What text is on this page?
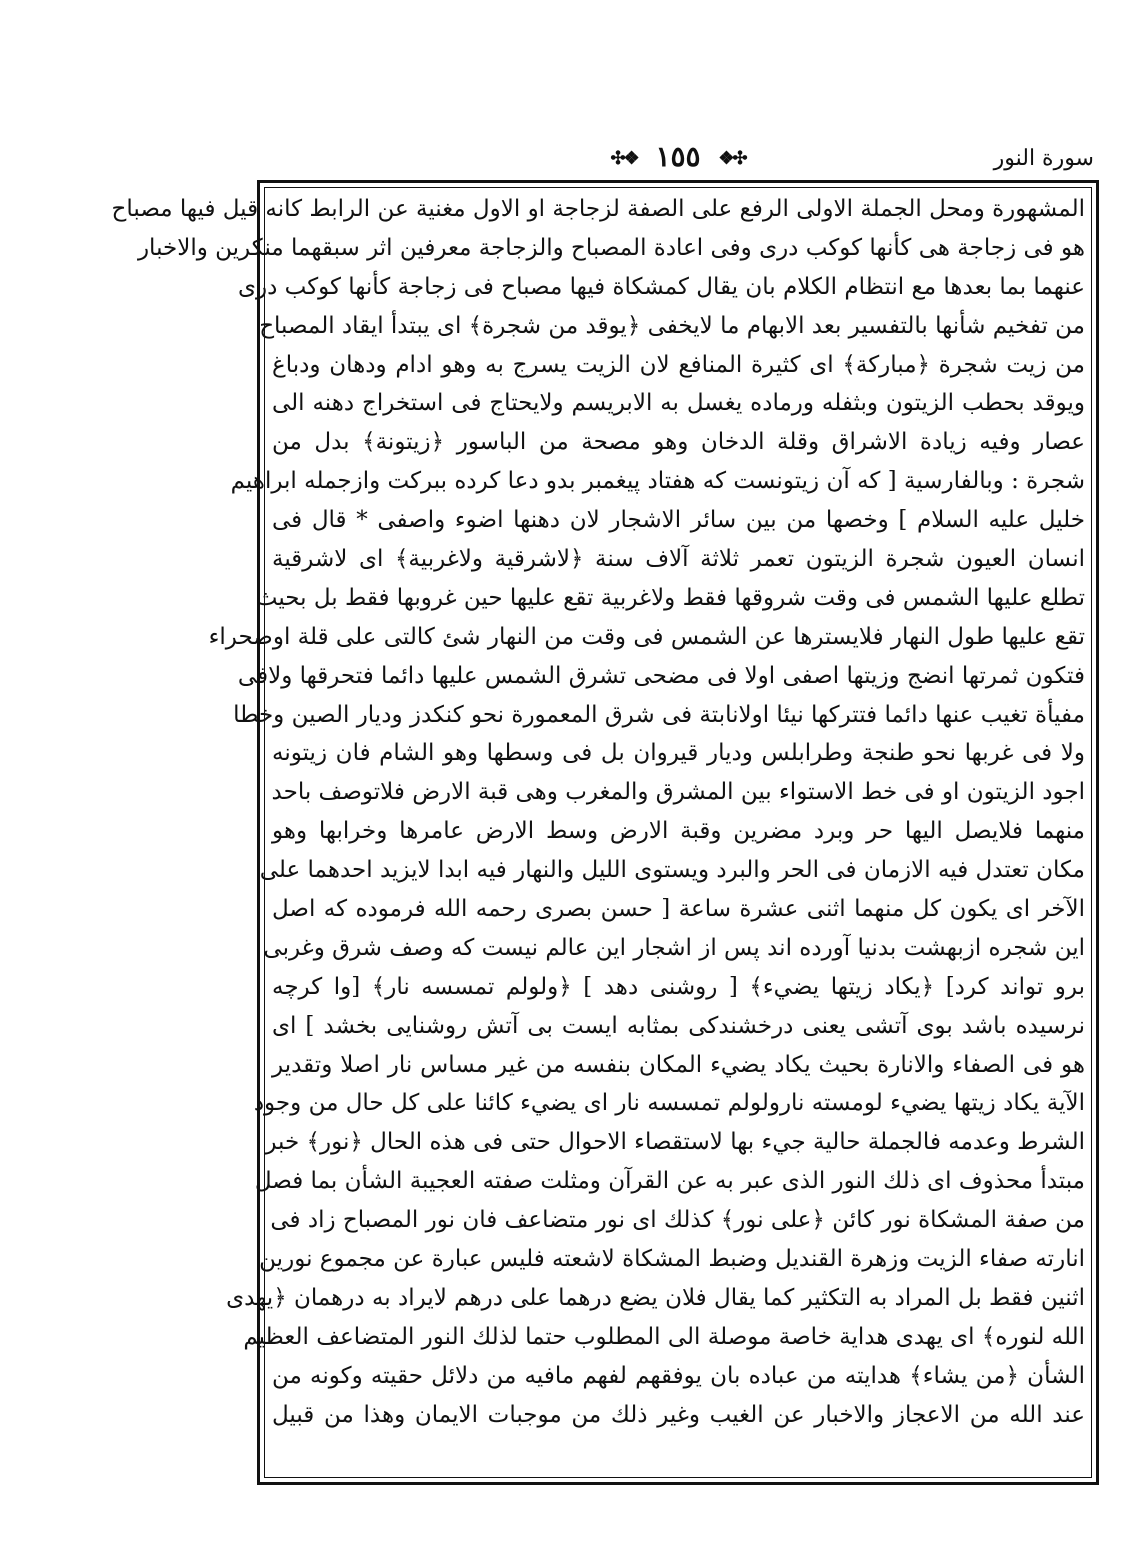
سورة النور
✣❖ ١٥٥ ❖✣
المشهورة ومحل الجملة الاولى الرفع على الصفة لزجاجة او الاول مغنية عن الرابط كانه قيل فيها مصباح
هو فى زجاجة هى كأنها كوكب درى وفى اعادة المصباح والزجاجة معرفين اثر سبقهما منكرين والاخبار
عنهما بما بعدها مع انتظام الكلام بان يقال كمشكاة فيها مصباح فى زجاجة كأنها كوكب درى
من تفخيم شأنها بالتفسير بعد الابهام ما لايخفى ﴿يوقد من شجرة﴾ اى يبتدأ ايقاد المصباح
من زيت شجرة ﴿مباركة﴾ اى كثيرة المنافع لان الزيت يسرج به وهو ادام ودهان ودباغ
ويوقد بحطب الزيتون وبثفله ورماده يغسل به الابريسم ولايحتاج فى استخراج دهنه الى
عصار وفيه زيادة الاشراق وقلة الدخان وهو مصحة من الباسور ﴿زيتونة﴾ بدل من
شجرة : وبالفارسية [ كه آن زيتونست كه هفتاد پيغمبر بدو دعا كرده ببركت وازجمله ابراهيم
خليل عليه السلام ] وخصها من بين سائر الاشجار لان دهنها اضوء واصفى * قال فى
انسان العيون شجرة الزيتون تعمر ثلاثة آلاف سنة ﴿لاشرقية ولاغربية﴾ اى لاشرقية
تطلع عليها الشمس فى وقت شروقها فقط ولاغربية تقع عليها حين غروبها فقط بل بحيث
تقع عليها طول النهار فلايسترها عن الشمس فى وقت من النهار شئ كالتى على قلة اوصحراء
فتكون ثمرتها انضج وزيتها اصفى اولا فى مضحى تشرق الشمس عليها دائما فتحرقها ولافى
مفيأة تغيب عنها دائما فتتركها نيئا اولانابتة فى شرق المعمورة نحو كنكدز وديار الصين وخطا
ولا فى غربها نحو طنجة وطرابلس وديار قيروان بل فى وسطها وهو الشام فان زيتونه
اجود الزيتون او فى خط الاستواء بين المشرق والمغرب وهى قبة الارض فلاتوصف باحد
منهما فلايصل اليها حر وبرد مضرين وقبة الارض وسط الارض عامرها وخرابها وهو
مكان تعتدل فيه الازمان فى الحر والبرد ويستوى الليل والنهار فيه ابدا لايزيد احدهما على
الآخر اى يكون كل منهما اثنى عشرة ساعة [ حسن بصرى رحمه الله فرموده كه اصل
اين شجره ازبهشت بدنيا آورده اند پس از اشجار اين عالم نيست كه وصف شرق وغربى
برو تواند كرد] ﴿يكاد زيتها يضيء﴾ [ روشنى دهد ] ﴿ولولم تمسسه نار﴾ [وا كرچه
نرسيده باشد بوى آتشى يعنى درخشندكى بمثابه ايست بى آتش روشنايى بخشد ] اى
هو فى الصفاء والانارة بحيث يكاد يضيء المكان بنفسه من غير مساس نار اصلا وتقدير
الآية يكاد زيتها يضيء لومسته نارولولم تمسسه نار اى يضيء كائنا على كل حال من وجود
الشرط وعدمه فالجملة حالية جيء بها لاستقصاء الاحوال حتى فى هذه الحال ﴿نور﴾ خبر
مبتدأ محذوف اى ذلك النور الذى عبر به عن القرآن ومثلت صفته العجيبة الشأن بما فصل
من صفة المشكاة نور كائن ﴿على نور﴾ كذلك اى نور متضاعف فان نور المصباح زاد فى
انارته صفاء الزيت وزهرة القنديل وضبط المشكاة لاشعته فليس عبارة عن مجموع نورين
اثنين فقط بل المراد به التكثير كما يقال فلان يضع درهما على درهم لايراد به درهمان ﴿يهدى
الله لنوره﴾ اى يهدى هداية خاصة موصلة الى المطلوب حتما لذلك النور المتضاعف العظيم
الشأن ﴿من يشاء﴾ هدايته من عباده بان يوفقهم لفهم مافيه من دلائل حقيته وكونه من
عند الله من الاعجاز والاخبار عن الغيب وغير ذلك من موجبات الايمان وهذا من قبيل
